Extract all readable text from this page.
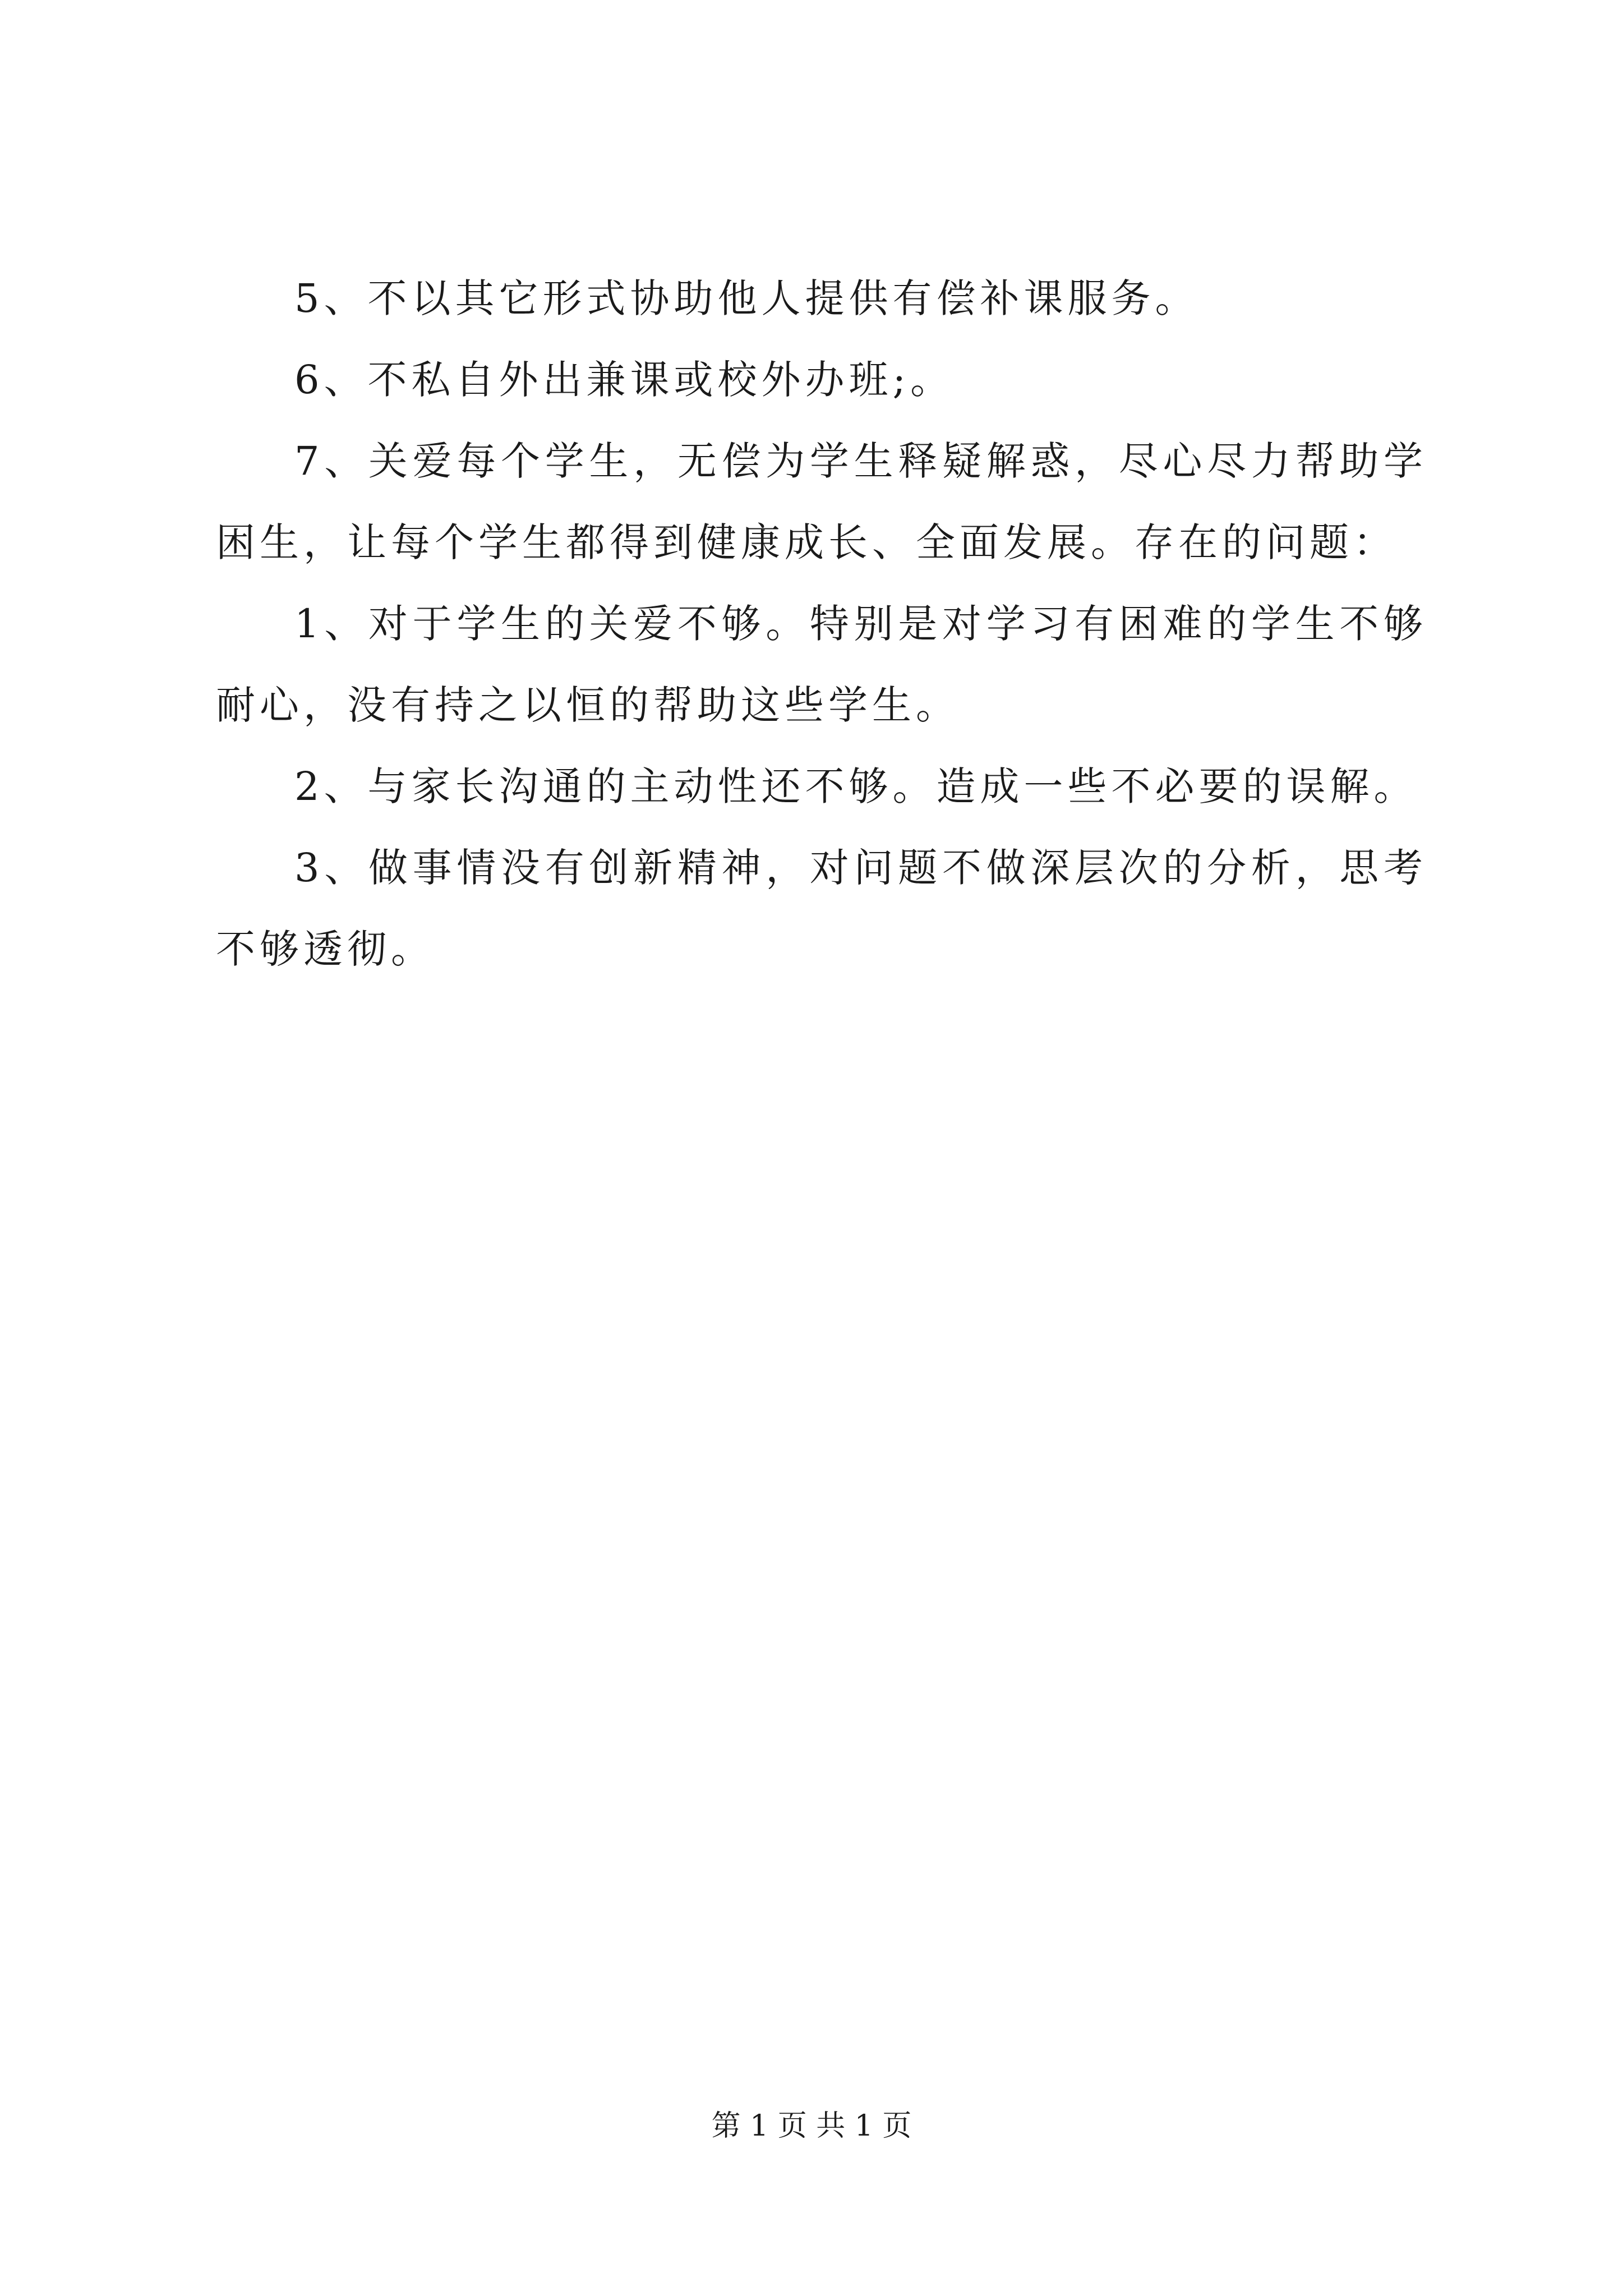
5、不以其它形式协助他人提供有偿补课服务。

6、不私自外出兼课或校外办班;。

7、关爱每个学生，无偿为学生释疑解惑，尽心尽力帮助学困生，让每个学生都得到健康成长、全面发展。存在的问题：

1、对于学生的关爱不够。特别是对学习有困难的学生不够耐心，没有持之以恒的帮助这些学生。

2、与家长沟通的主动性还不够。造成一些不必要的误解。

3、做事情没有创新精神，对问题不做深层次的分析，思考不够透彻。

第 1 页 共 1 页
